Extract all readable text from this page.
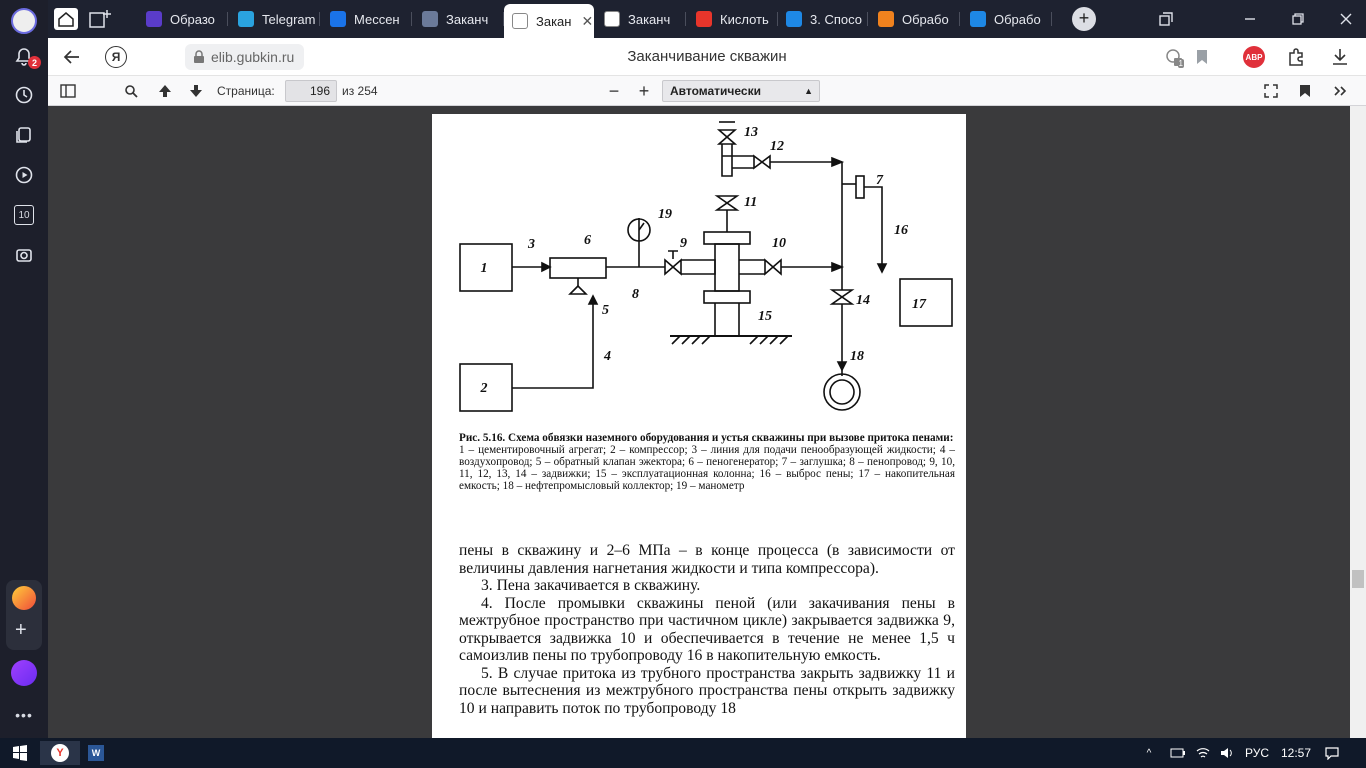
2
10
+
•••
Образо	Telegram	Мессен	Заканч	Закан ✕	Заканч	Кислоть	3. Спосо	Обрабо	Обрабо	+
Я	elib.gubkin.ru	Заканчивание скважин	1
ABP
Страница:	196	из 254	−	+	Автоматически	▲

1
2
3
4
5
6
7
8
9	10
11
12
13
14
15
16
17
18
19
Рис. 5.16. Схема обвязки наземного оборудования и устья скважины при вызове притока пенами:
1 – цементировочный агрегат; 2 – компрессор; 3 – линия для подачи пенообразующей жидкости; 4 – воздухопровод; 5 – обратный клапан эжектора; 6 – пеногенератор; 7 – заглушка; 8 – пенопровод; 9, 10, 11, 12, 13, 14 – задвижки; 15 – эксплуатационная колонна; 16 – выброс пены; 17 – накопительная емкость; 18 – нефтепромысловый коллектор; 19 – манометр

пены в скважину и 2–6 МПа – в конце процесса (в зависимости от величины давления нагнетания жидкости и типа компрессора).

3. Пена закачивается в скважину.

4. После промывки скважины пеной (или закачивания пены в межтрубное пространство при частичном цикле) закрывается задвижка 9, открывается задвижка 10 и обеспечивается в течение не менее 1,5 ч самоизлив пены по трубопроводу 16 в накопительную емкость.

5. В случае притока из трубного пространства закрыть задвижку 11 и после вытеснения из межтрубного пространства пены открыть задвижку 10 и направить поток по трубопроводу 18

Y	W	^	РУС 12:57
